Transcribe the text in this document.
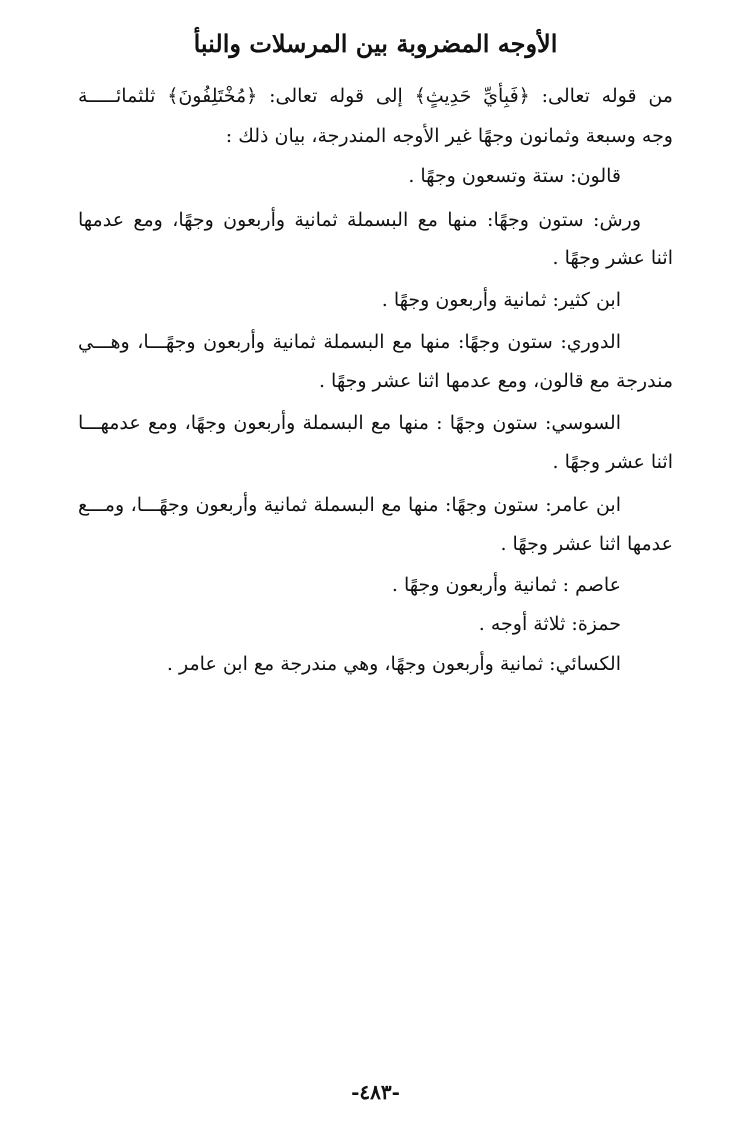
الأوجه المضروبة بين المرسلات والنبأ
من قوله تعالى: ﴿فَبِأيِّ حَدِيثٍ﴾ إلى قوله تعالى: ﴿مُخْتَلِفُونَ﴾ ثلثمائـــــة
وجه وسبعة وثمانون وجهًا غير الأوجه المندرجة، بيان ذلك :
قالون: ستة وتسعون وجهًا .
ورش: ستون وجهًا: منها مع البسملة ثمانية وأربعون وجهًا، ومع عدمها
اثنا عشر وجهًا .
ابن كثير: ثمانية وأربعون وجهًا .
الدوري: ستون وجهًا: منها مع البسملة ثمانية وأربعون وجهًـــا، وهـــي
مندرجة مع قالون، ومع عدمها اثنا عشر وجهًا .
السوسي: ستون وجهًا : منها مع البسملة وأربعون وجهًا، ومع عدمهـــا
اثنا عشر وجهًا .
ابن عامر: ستون وجهًا: منها مع البسملة ثمانية وأربعون وجهًـــا، ومـــع
عدمها اثنا عشر وجهًا .
عاصم : ثمانية وأربعون وجهًا .
حمزة: ثلاثة أوجه .
الكسائي: ثمانية وأربعون وجهًا، وهي مندرجة مع ابن عامر .
-٤٨٣-
